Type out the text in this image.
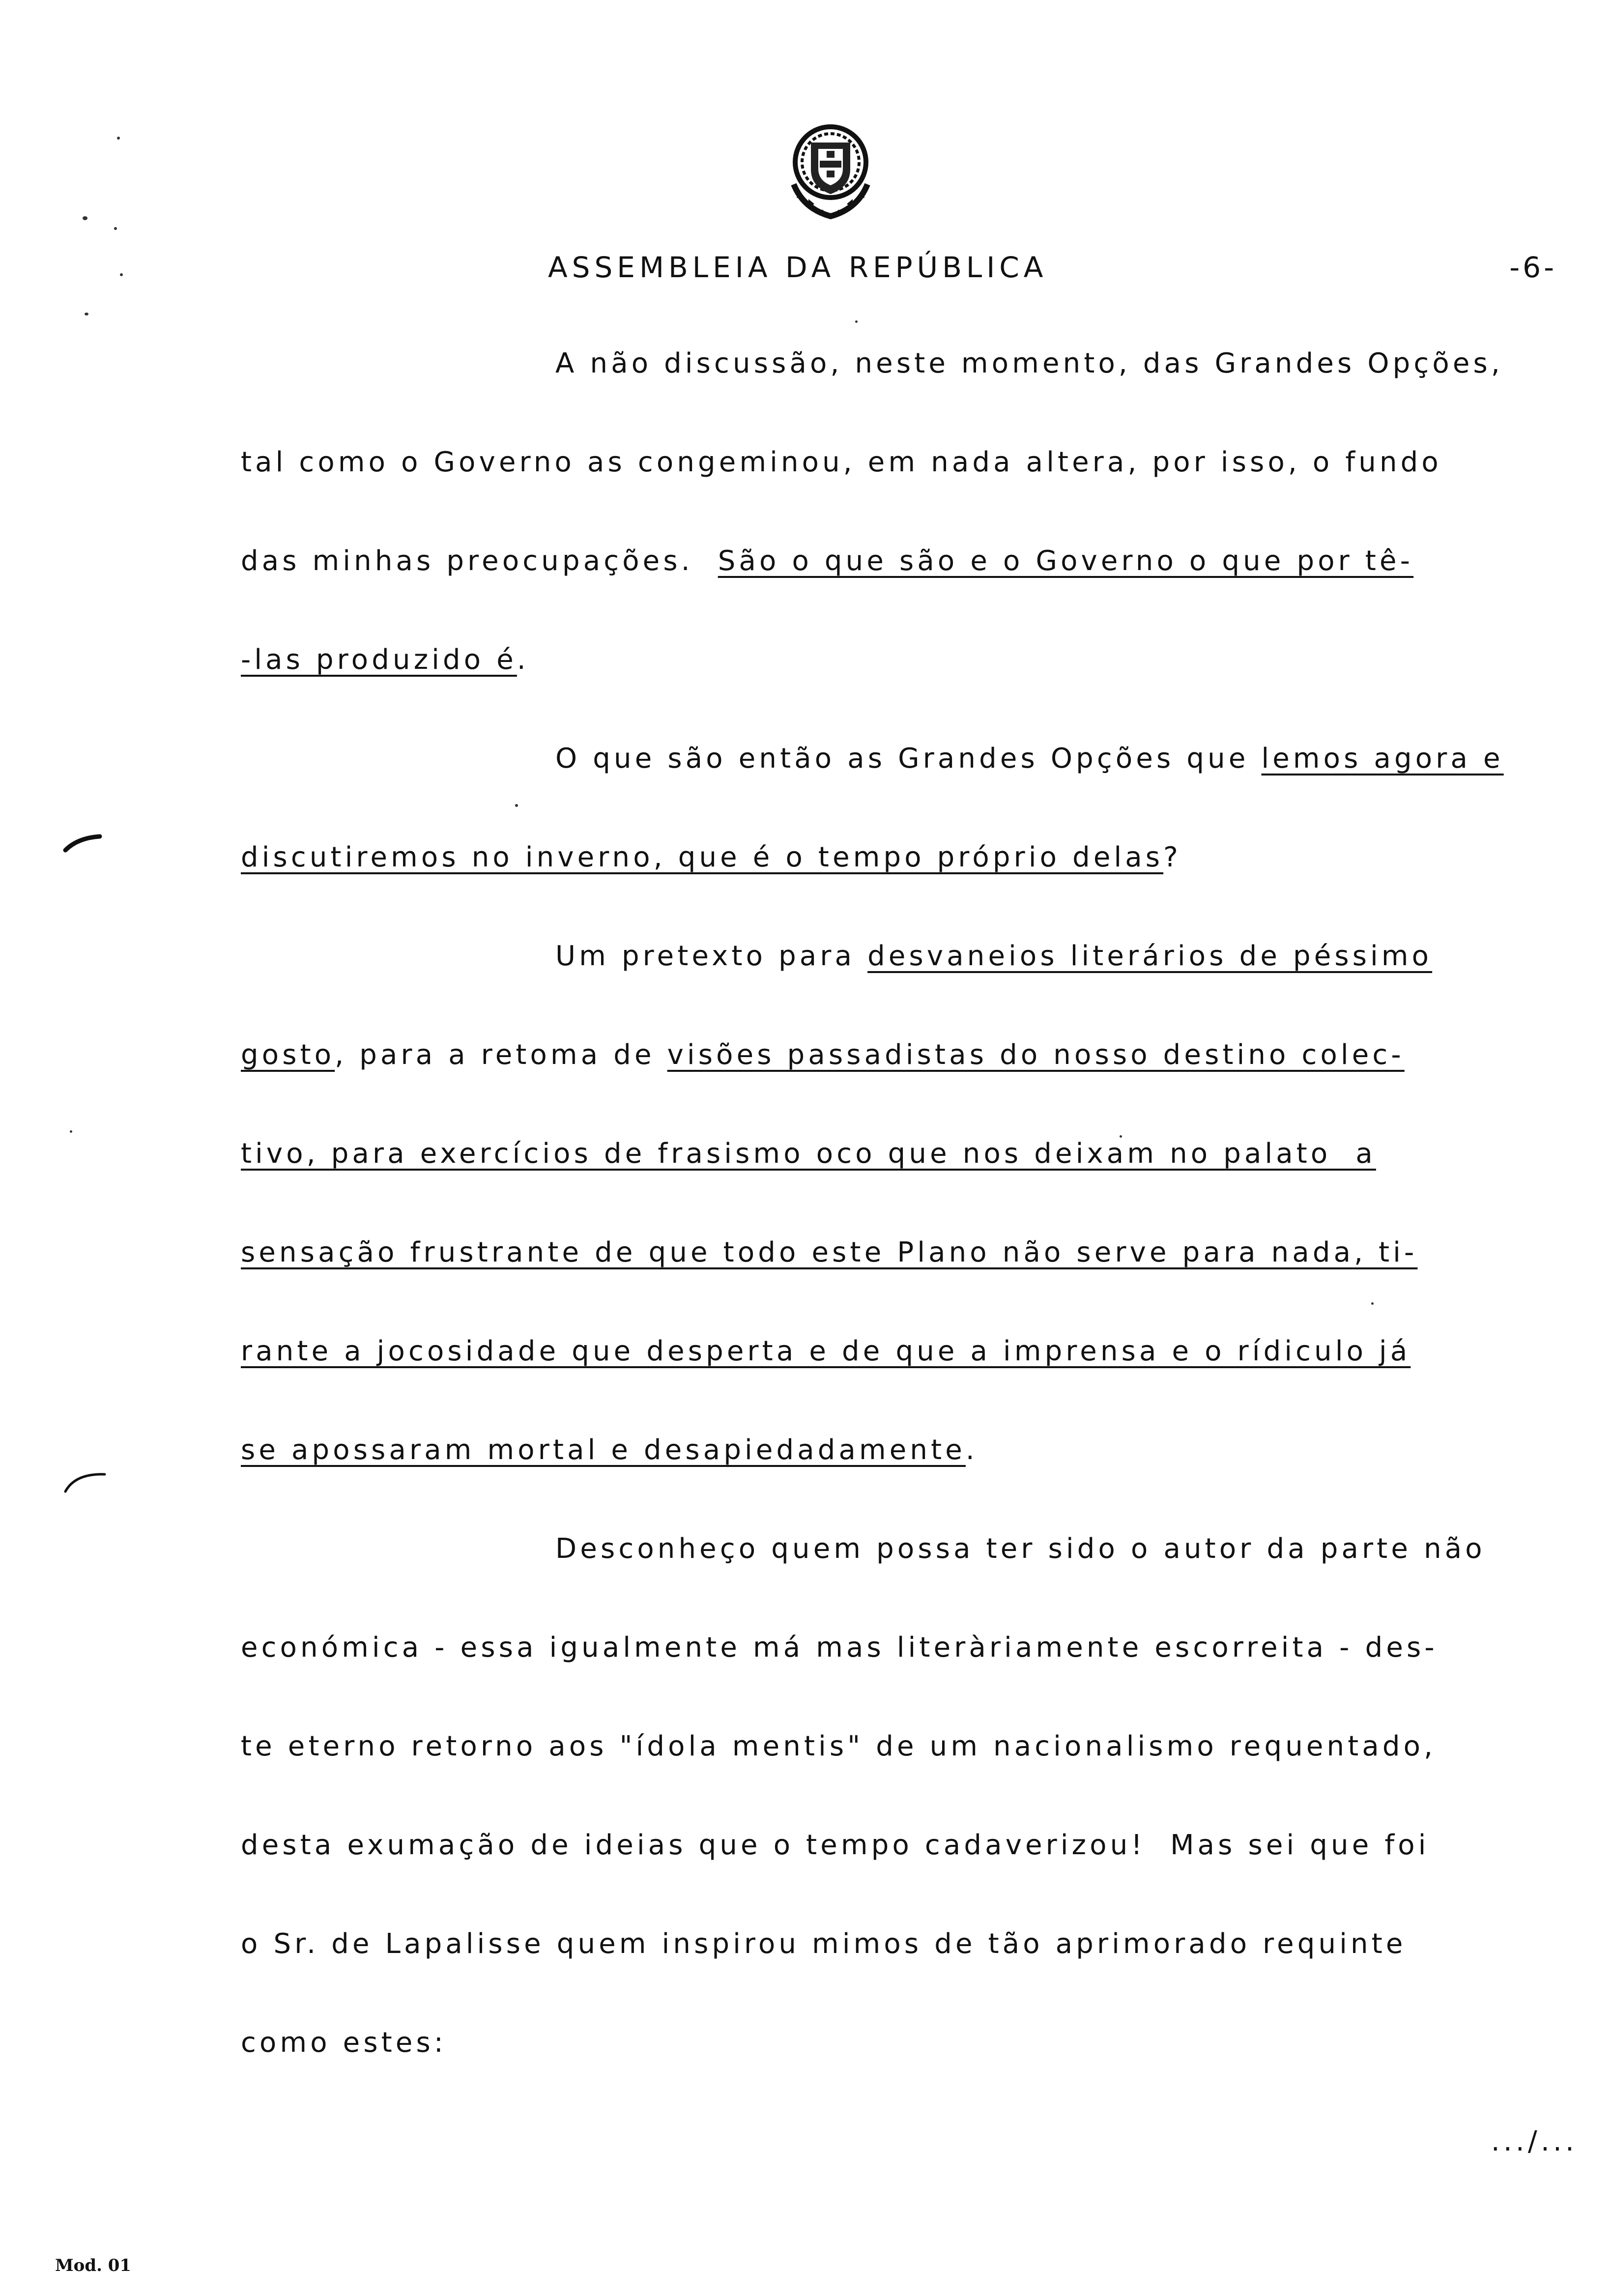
ASSEMBLEIA DA REPÚBLICA	-6-
A não discussão, neste momento, das Grandes Opções,
tal como o Governo as congeminou, em nada altera, por isso, o fundo
das minhas preocupações.  São o que são e o Governo o que por tê-
-las produzido é.
O que são então as Grandes Opções que lemos agora e
discutiremos no inverno, que é o tempo próprio delas?
Um pretexto para desvaneios literários de péssimo
gosto, para a retoma de visões passadistas do nosso destino colec-
tivo, para exercícios de frasismo oco que nos deixam no palato  a
sensação frustrante de que todo este Plano não serve para nada, ti-
rante a jocosidade que desperta e de que a imprensa e o rídiculo já
se apossaram mortal e desapiedadamente.
Desconheço quem possa ter sido o autor da parte não
económica - essa igualmente má mas literàriamente escorreita - des-
te eterno retorno aos "ídola mentis" de um nacionalismo requentado,
desta exumação de ideias que o tempo cadaverizou!  Mas sei que foi
o Sr. de Lapalisse quem inspirou mimos de tão aprimorado requinte
como estes:
.../...
Mod. 01
